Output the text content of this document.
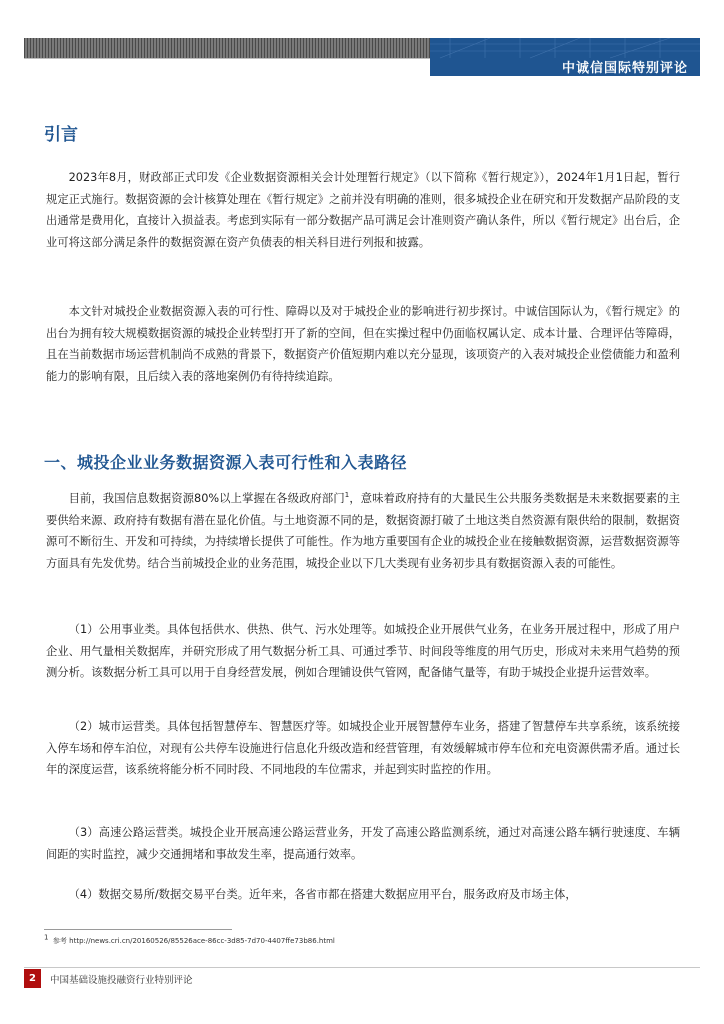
中诚信国际特别评论
引言

2023年8月，财政部正式印发《企业数据资源相关会计处理暂行规定》（以下简称《暂行规定》），2024年1月1日起，暂行规定正式施行。数据资源的会计核算处理在《暂行规定》之前并没有明确的准则，很多城投企业在研究和开发数据产品阶段的支出通常是费用化，直接计入损益表。考虑到实际有一部分数据产品可满足会计准则资产确认条件，所以《暂行规定》出台后，企业可将这部分满足条件的数据资源在资产负债表的相关科目进行列报和披露。

本文针对城投企业数据资源入表的可行性、障碍以及对于城投企业的影响进行初步探讨。中诚信国际认为，《暂行规定》的出台为拥有较大规模数据资源的城投企业转型打开了新的空间，但在实操过程中仍面临权属认定、成本计量、合理评估等障碍，且在当前数据市场运营机制尚不成熟的背景下，数据资产价值短期内难以充分显现，该项资产的入表对城投企业偿债能力和盈利能力的影响有限，且后续入表的落地案例仍有待持续追踪。

一、城投企业业务数据资源入表可行性和入表路径

目前，我国信息数据资源80%以上掌握在各级政府部门$^1$，意味着政府持有的大量民生公共服务类数据是未来数据要素的主要供给来源、政府持有数据有潜在显化价值。与土地资源不同的是，数据资源打破了土地这类自然资源有限供给的限制，数据资源可不断衍生、开发和可持续，为持续增长提供了可能性。作为地方重要国有企业的城投企业在接触数据资源，运营数据资源等方面具有先发优势。结合当前城投企业的业务范围，城投企业以下几大类现有业务初步具有数据资源入表的可能性。

（1）公用事业类。具体包括供水、供热、供气、污水处理等。如城投企业开展供气业务，在业务开展过程中，形成了用户企业、用气量相关数据库，并研究形成了用气数据分析工具、可通过季节、时间段等维度的用气历史，形成对未来用气趋势的预测分析。该数据分析工具可以用于自身经营发展，例如合理铺设供气管网，配备储气量等，有助于城投企业提升运营效率。

（2）城市运营类。具体包括智慧停车、智慧医疗等。如城投企业开展智慧停车业务，搭建了智慧停车共享系统，该系统接入停车场和停车泊位，对现有公共停车设施进行信息化升级改造和经营管理，有效缓解城市停车位和充电资源供需矛盾。通过长年的深度运营，该系统将能分析不同时段、不同地段的车位需求，并起到实时监控的作用。

（3）高速公路运营类。城投企业开展高速公路运营业务，开发了高速公路监测系统，通过对高速公路车辆行驶速度、车辆间距的实时监控，减少交通拥堵和事故发生率，提高通行效率。

（4）数据交易所/数据交易平台类。近年来，各省市都在搭建大数据应用平台，服务政府及市场主体，

$^1$ 参考 http://news.cri.cn/20160526/85526ace-86cc-3d85-7d70-4407ffe73b86.html
2	中国基础设施投融资行业特别评论
